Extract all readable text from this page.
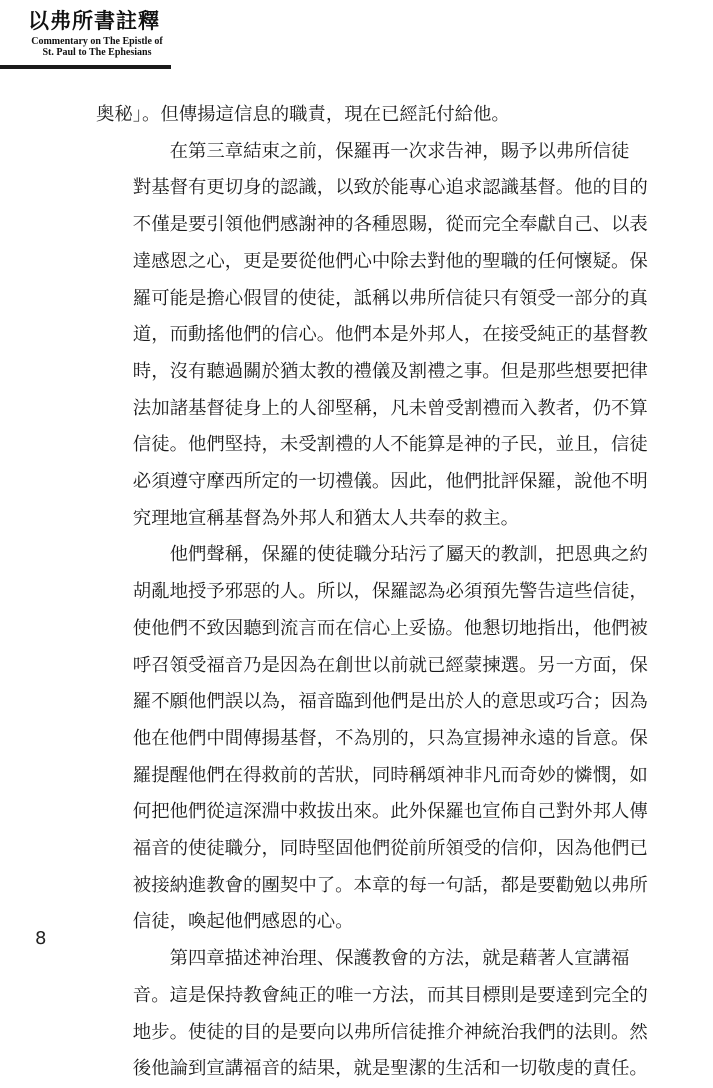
以弗所書註釋
Commentary on The Epistle of
St. Paul to The Ephesians

奥秘」。但傳揚這信息的職責，現在已經託付給他。

在第三章結束之前，保羅再一次求告神，賜予以弗所信徒
對基督有更切身的認識，以致於能專心追求認識基督。他的目的
不僅是要引領他們感謝神的各種恩賜，從而完全奉獻自己、以表
達感恩之心，更是要從他們心中除去對他的聖職的任何懷疑。保
羅可能是擔心假冒的使徒，詆稱以弗所信徒只有領受一部分的真
道，而動搖他們的信心。他們本是外邦人，在接受純正的基督教
時，沒有聽過關於猶太教的禮儀及割禮之事。但是那些想要把律
法加諸基督徒身上的人卻堅稱，凡未曾受割禮而入教者，仍不算
信徒。他們堅持，未受割禮的人不能算是神的子民，並且，信徒
必須遵守摩西所定的一切禮儀。因此，他們批評保羅，說他不明
究理地宣稱基督為外邦人和猶太人共奉的救主。

他們聲稱，保羅的使徒職分玷污了屬天的教訓，把恩典之約
胡亂地授予邪惡的人。所以，保羅認為必須預先警告這些信徒，
使他們不致因聽到流言而在信心上妥協。他懇切地指出，他們被
呼召領受福音乃是因為在創世以前就已經蒙揀選。另一方面，保
羅不願他們誤以為，福音臨到他們是出於人的意思或巧合；因為
他在他們中間傳揚基督，不為別的，只為宣揚神永遠的旨意。保
羅提醒他們在得救前的苦狀，同時稱頌神非凡而奇妙的憐憫，如
何把他們從這深淵中救拔出來。此外保羅也宣佈自己對外邦人傳
福音的使徒職分，同時堅固他們從前所領受的信仰，因為他們已
被接納進教會的團契中了。本章的每一句話，都是要勸勉以弗所
信徒，喚起他們感恩的心。

第四章描述神治理、保護教會的方法，就是藉著人宣講福
音。這是保持教會純正的唯一方法，而其目標則是要達到完全的
地步。使徒的目的是要向以弗所信徒推介神統治我們的法則。然
後他論到宣講福音的結果，就是聖潔的生活和一切敬虔的責任。

8
